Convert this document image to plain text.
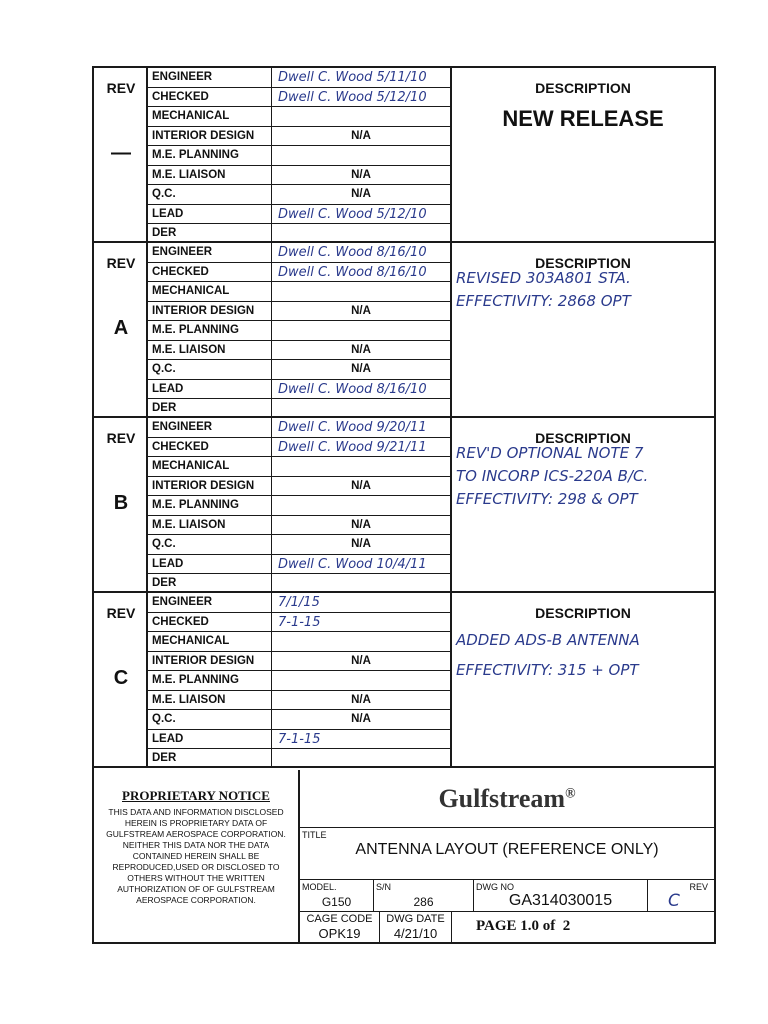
REV
—
ENGINEER
CHECKED
MECHANICAL
INTERIOR DESIGN
M.E. PLANNING
M.E. LIAISON
Q.C.
LEAD
DER
Dwell C. Wood 5/11/10
Dwell C. Wood 5/12/10
N/A
N/A
N/A
Dwell C. Wood 5/12/10
DESCRIPTION
NEW RELEASE
REV
A
ENGINEER
CHECKED
MECHANICAL
INTERIOR DESIGN
M.E. PLANNING
M.E. LIAISON
Q.C.
LEAD
DER
Dwell C. Wood 8/16/10
Dwell C. Wood 8/16/10
N/A
N/A
N/A
Dwell C. Wood 8/16/10
DESCRIPTION
REVISED 303A801 STA.
EFFECTIVITY: 2868 OPT
REV
B
ENGINEER
CHECKED
MECHANICAL
INTERIOR DESIGN
M.E. PLANNING
M.E. LIAISON
Q.C.
LEAD
DER
Dwell C. Wood 9/20/11
Dwell C. Wood 9/21/11
N/A
N/A
N/A
Dwell C. Wood 10/4/11
DESCRIPTION
REV'D OPTIONAL NOTE 7
TO INCORP ICS-220A B/C.
EFFECTIVITY: 298 & OPT
REV
C
ENGINEER
CHECKED
MECHANICAL
INTERIOR DESIGN
M.E. PLANNING
M.E. LIAISON
Q.C.
LEAD
DER
7/1/15
7-1-15
N/A
N/A
N/A
7-1-15
DESCRIPTION
ADDED ADS-B ANTENNA
EFFECTIVITY: 315 + OPT
PROPRIETARY NOTICE
THIS DATA AND INFORMATION DISCLOSED HEREIN IS PROPRIETARY DATA OF GULFSTREAM AEROSPACE CORPORATION. NEITHER THIS DATA NOR THE DATA CONTAINED HEREIN SHALL BE REPRODUCED,USED OR DISCLOSED TO OTHERS WITHOUT THE WRITTEN AUTHORIZATION OF OF GULFSTREAM AEROSPACE CORPORATION.
Gulfstream®
TITLE
ANTENNA LAYOUT (REFERENCE ONLY)
MODEL.
G150
S/N
286
DWG NO
GA314030015
REV
C
CAGE CODE
OPK19
DWG DATE
4/21/10	PAGE 1.0 of  2
